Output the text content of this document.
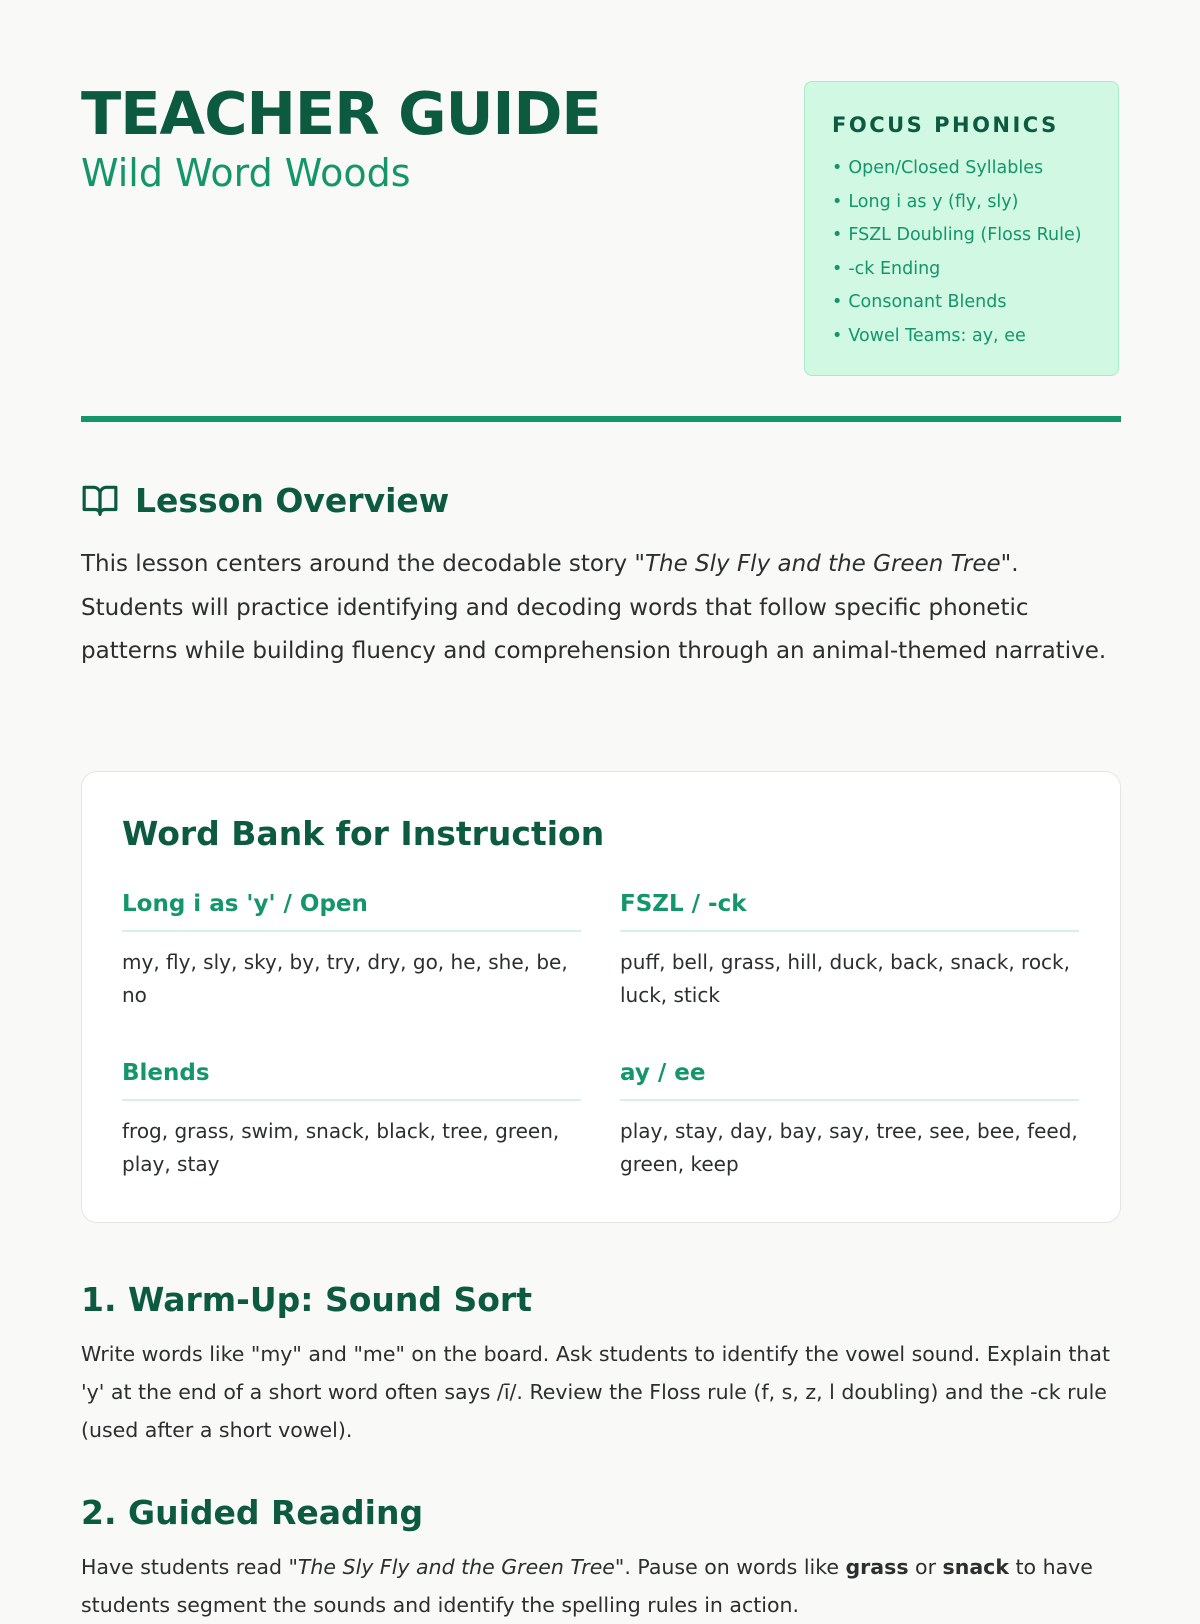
TEACHER GUIDE
Wild Word Woods
FOCUS PHONICS
• Open/Closed Syllables
• Long i as y (fly, sly)
• FSZL Doubling (Floss Rule)
• -ck Ending
• Consonant Blends
• Vowel Teams: ay, ee
Lesson Overview

This lesson centers around the decodable story "The Sly Fly and the Green Tree". Students will practice identifying and decoding words that follow specific phonetic patterns while building fluency and comprehension through an animal-themed narrative.

Word Bank for Instruction
Long i as 'y' / Open
my, fly, sly, sky, by, try, dry, go, he, she, be, no
FSZL / -ck
puff, bell, grass, hill, duck, back, snack, rock, luck, stick
Blends
frog, grass, swim, snack, black, tree, green, play, stay
ay / ee
play, stay, day, bay, say, tree, see, bee, feed, green, keep
1. Warm-Up: Sound Sort

Write words like "my" and "me" on the board. Ask students to identify the vowel sound. Explain that 'y' at the end of a short word often says /ī/. Review the Floss rule (f, s, z, l doubling) and the -ck rule (used after a short vowel).

2. Guided Reading

Have students read "The Sly Fly and the Green Tree". Pause on words like grass or snack to have students segment the sounds and identify the spelling rules in action.
